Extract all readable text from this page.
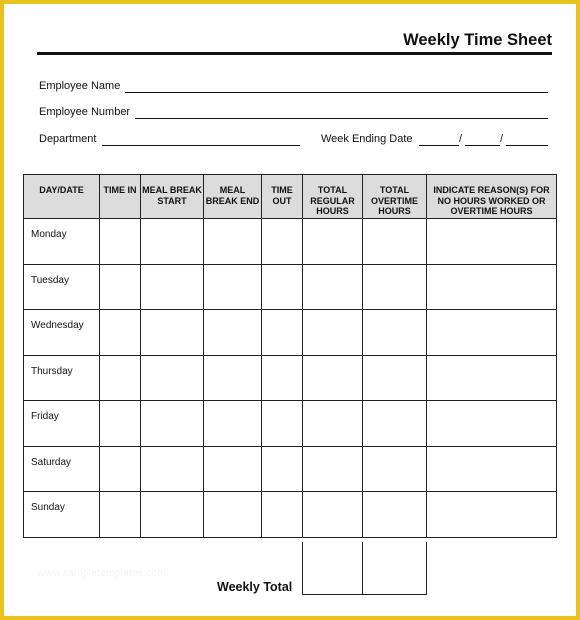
Weekly Time Sheet
Employee Name
Employee Number
Department	Week Ending Date	/	/
DAY/DATE	TIME IN	MEAL BREAK START	MEAL BREAK END	TIME OUT	TOTAL REGULAR HOURS	TOTAL OVERTIME HOURS	INDICATE REASON(S) FOR NO HOURS WORKED OR OVERTIME HOURS
Monday							
Tuesday							
Wednesday							
Thursday							
Friday							
Saturday							
Sunday							
Weekly Total
www.sampletemplates.com
